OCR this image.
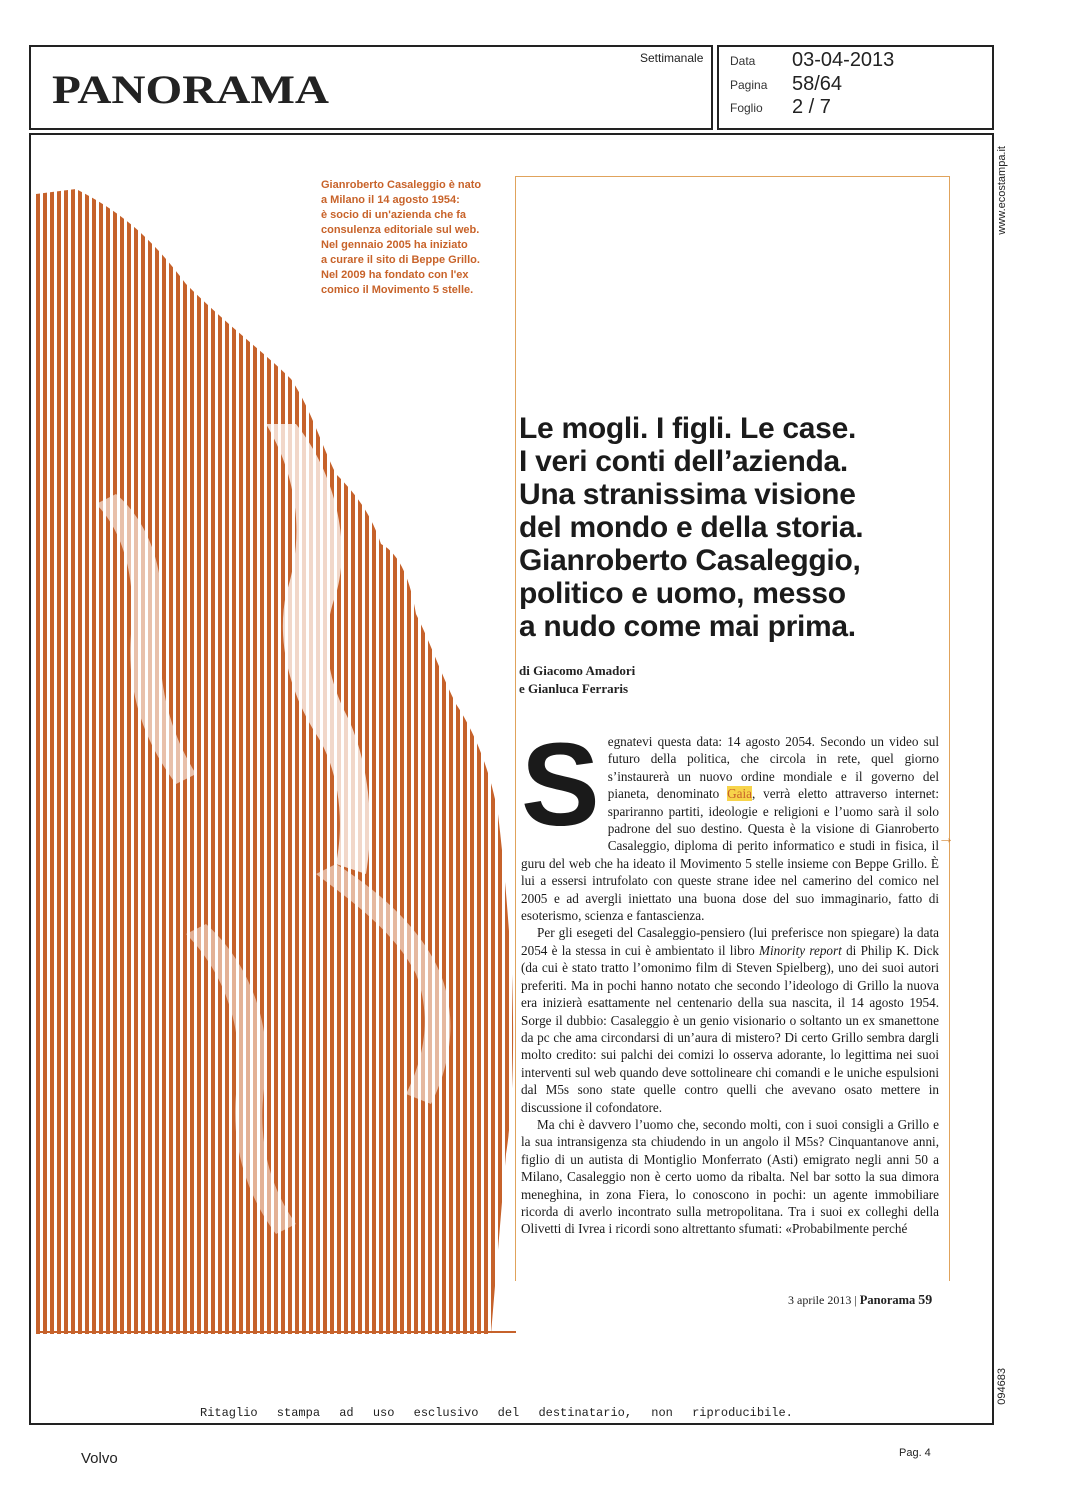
PANORAMA
Settimanale Data 03-04-2013
Pagina 58/64
Foglio 2 / 7
www.ecostampa.it
094683
Gianroberto Casaleggio è nato
a Milano il 14 agosto 1954:
è socio di un'azienda che fa
consulenza editoriale sul web.
Nel gennaio 2005 ha iniziato
a curare il sito di Beppe Grillo.
Nel 2009 ha fondato con l'ex
comico il Movimento 5 stelle.
Le mogli. I figli. Le case.
I veri conti dell’azienda.
Una stranissima visione
del mondo e della storia.
Gianroberto Casaleggio,
politico e uomo, messo
a nudo come mai prima.
di Giacomo Amadori
e Gianluca Ferraris

Segnatevi questa data: 14 agosto 2054. Secondo un video sul futuro della politica, che circola in rete, quel giorno s’instaurerà un nuovo ordine mondiale e il governo del pianeta, denominato Gaia, verrà eletto attraverso internet: spariranno partiti, ideologie e religioni e l’uomo sarà il solo padrone del suo destino. Questa è la visione di Gianroberto Casaleggio, diploma di perito informatico e studi in fisica, il guru del web che ha ideato il Movimento 5 stelle insieme con Beppe Grillo. È lui a essersi intrufolato con queste strane idee nel camerino del comico nel 2005 e ad avergli iniettato una buona dose del suo immaginario, fatto di esoterismo, scienza e fantascienza.

Per gli esegeti del Casaleggio-pensiero (lui preferisce non spiegare) la data 2054 è la stessa in cui è ambientato il libro Minority report di Philip K. Dick (da cui è stato tratto l’omonimo film di Steven Spielberg), uno dei suoi autori preferiti. Ma in pochi hanno notato che secondo l’ideologo di Grillo la nuova era inizierà esattamente nel centenario della sua nascita, il 14 agosto 1954. Sorge il dubbio: Casaleggio è un genio visionario o soltanto un ex smanettone da pc che ama circondarsi di un’aura di mistero? Di certo Grillo sembra dargli molto credito: sui palchi dei comizi lo osserva adorante, lo legittima nei suoi interventi sul web quando deve sottolineare chi comandi e le uniche espulsioni dal M5s sono state quelle contro quelli che avevano osato mettere in discussione il cofondatore.

Ma chi è davvero l’uomo che, secondo molti, con i suoi consigli a Grillo e la sua intransigenza sta chiudendo in un angolo il M5s? Cinquantanove anni, figlio di un autista di Montiglio Monferrato (Asti) emigrato negli anni 50 a Milano, Casaleggio non è certo uomo da ribalta. Nel bar sotto la sua dimora meneghina, in zona Fiera, lo conoscono in pochi: un agente immobiliare ricorda di averlo incontrato sulla metropolitana. Tra i suoi ex colleghi della Olivetti di Ivrea i ricordi sono altrettanto sfumati: «Probabilmente perché

→
3 aprile 2013 | Panorama 59
Ritaglio stampa ad uso esclusivo del destinatario, non riproducibile.
Volvo	Pag. 4
